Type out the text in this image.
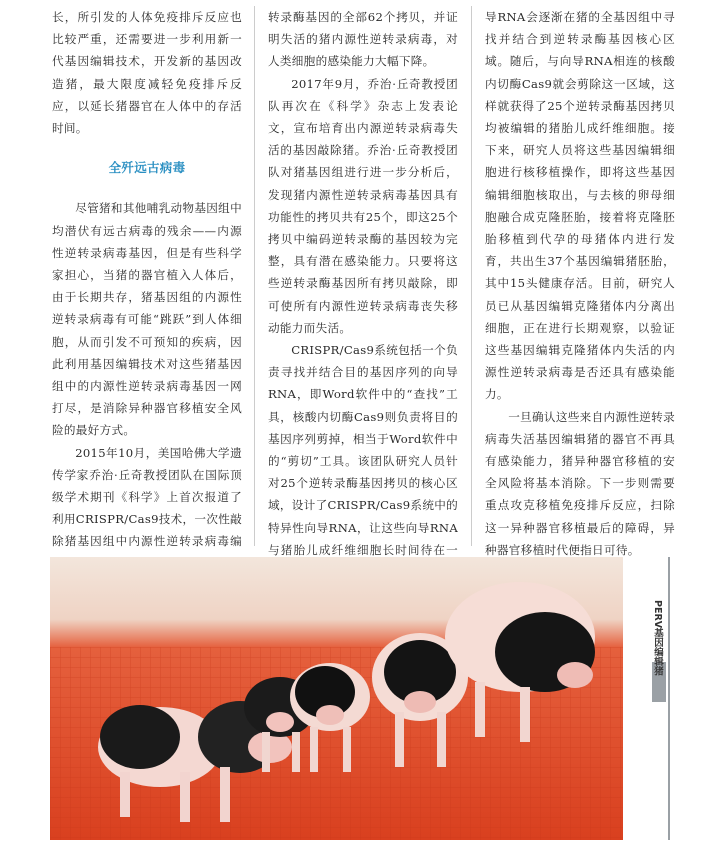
长，所引发的人体免疫排斥反应也比较严重，还需要进一步利用新一代基因编辑技术，开发新的基因改造猪，最大限度减轻免疫排斥反应，以延长猪器官在人体中的存活时间。

全歼远古病毒

尽管猪和其他哺乳动物基因组中均潜伏有远古病毒的残余——内源性逆转录病毒基因，但是有些科学家担心，当猪的器官植入人体后，由于长期共存，猪基因组的内源性逆转录病毒有可能“跳跃”到人体细胞，从而引发不可预知的疾病，因此利用基因编辑技术对这些猪基因组中的内源性逆转录病毒基因一网打尽，是消除异种器官移植安全风险的最好方式。

2015年10月，美国哈佛大学遗传学家乔治·丘奇教授团队在国际顶级学术期刊《科学》上首次报道了利用CRISPR/Cas9技术，一次性敲除猪基因组中内源性逆转录病毒编

转录酶基因的全部62个拷贝，并证明失活的猪内源性逆转录病毒，对人类细胞的感染能力大幅下降。

2017年9月，乔治·丘奇教授团队再次在《科学》杂志上发表论文，宣布培育出内源逆转录病毒失活的基因敲除猪。乔治·丘奇教授团队对猪基因组进行进一步分析后，发现猪内源性逆转录病毒基因具有功能性的拷贝共有25个，即这25个拷贝中编码逆转录酶的基因较为完整，具有潜在感染能力。只要将这些逆转录酶基因所有拷贝敲除，即可使所有内源性逆转录病毒丧失移动能力而失活。

CRISPR/Cas9系统包括一个负责寻找并结合目的基因序列的向导RNA，即Word软件中的“查找”工具，核酸内切酶Cas9则负责将目的基因序列剪掉，相当于Word软件中的“剪切”工具。该团队研究人员针对25个逆转录酶基因拷贝的核心区域，设计了CRISPR/Cas9系统中的特异性向导RNA，让这些向导RNA与猪胎儿成纤维细胞长时间待在一

导RNA会逐渐在猪的全基因组中寻找并结合到逆转录酶基因核心区域。随后，与向导RNA相连的核酸内切酶Cas9就会剪除这一区域，这样就获得了25个逆转录酶基因拷贝均被编辑的猪胎儿成纤维细胞。接下来，研究人员将这些基因编辑细胞进行核移植操作，即将这些基因编辑细胞核取出，与去核的卵母细胞融合成克隆胚胎，接着将克隆胚胎移植到代孕的母猪体内进行发育，共出生37个基因编辑猪胚胎，其中15头健康存活。目前，研究人员已从基因编辑克隆猪体内分离出细胞，正在进行长期观察，以验证这些基因编辑克隆猪体内失活的内源性逆转录病毒是否还具有感染能力。

一旦确认这些来自内源性逆转录病毒失活基因编辑猪的器官不再具有感染能力，猪异种器官移植的安全风险将基本消除。下一步则需要重点攻克移植免疫排斥反应，扫除这一异种器官移植最后的障碍，异种器官移植时代便指日可待。

PERV基因编辑猪
